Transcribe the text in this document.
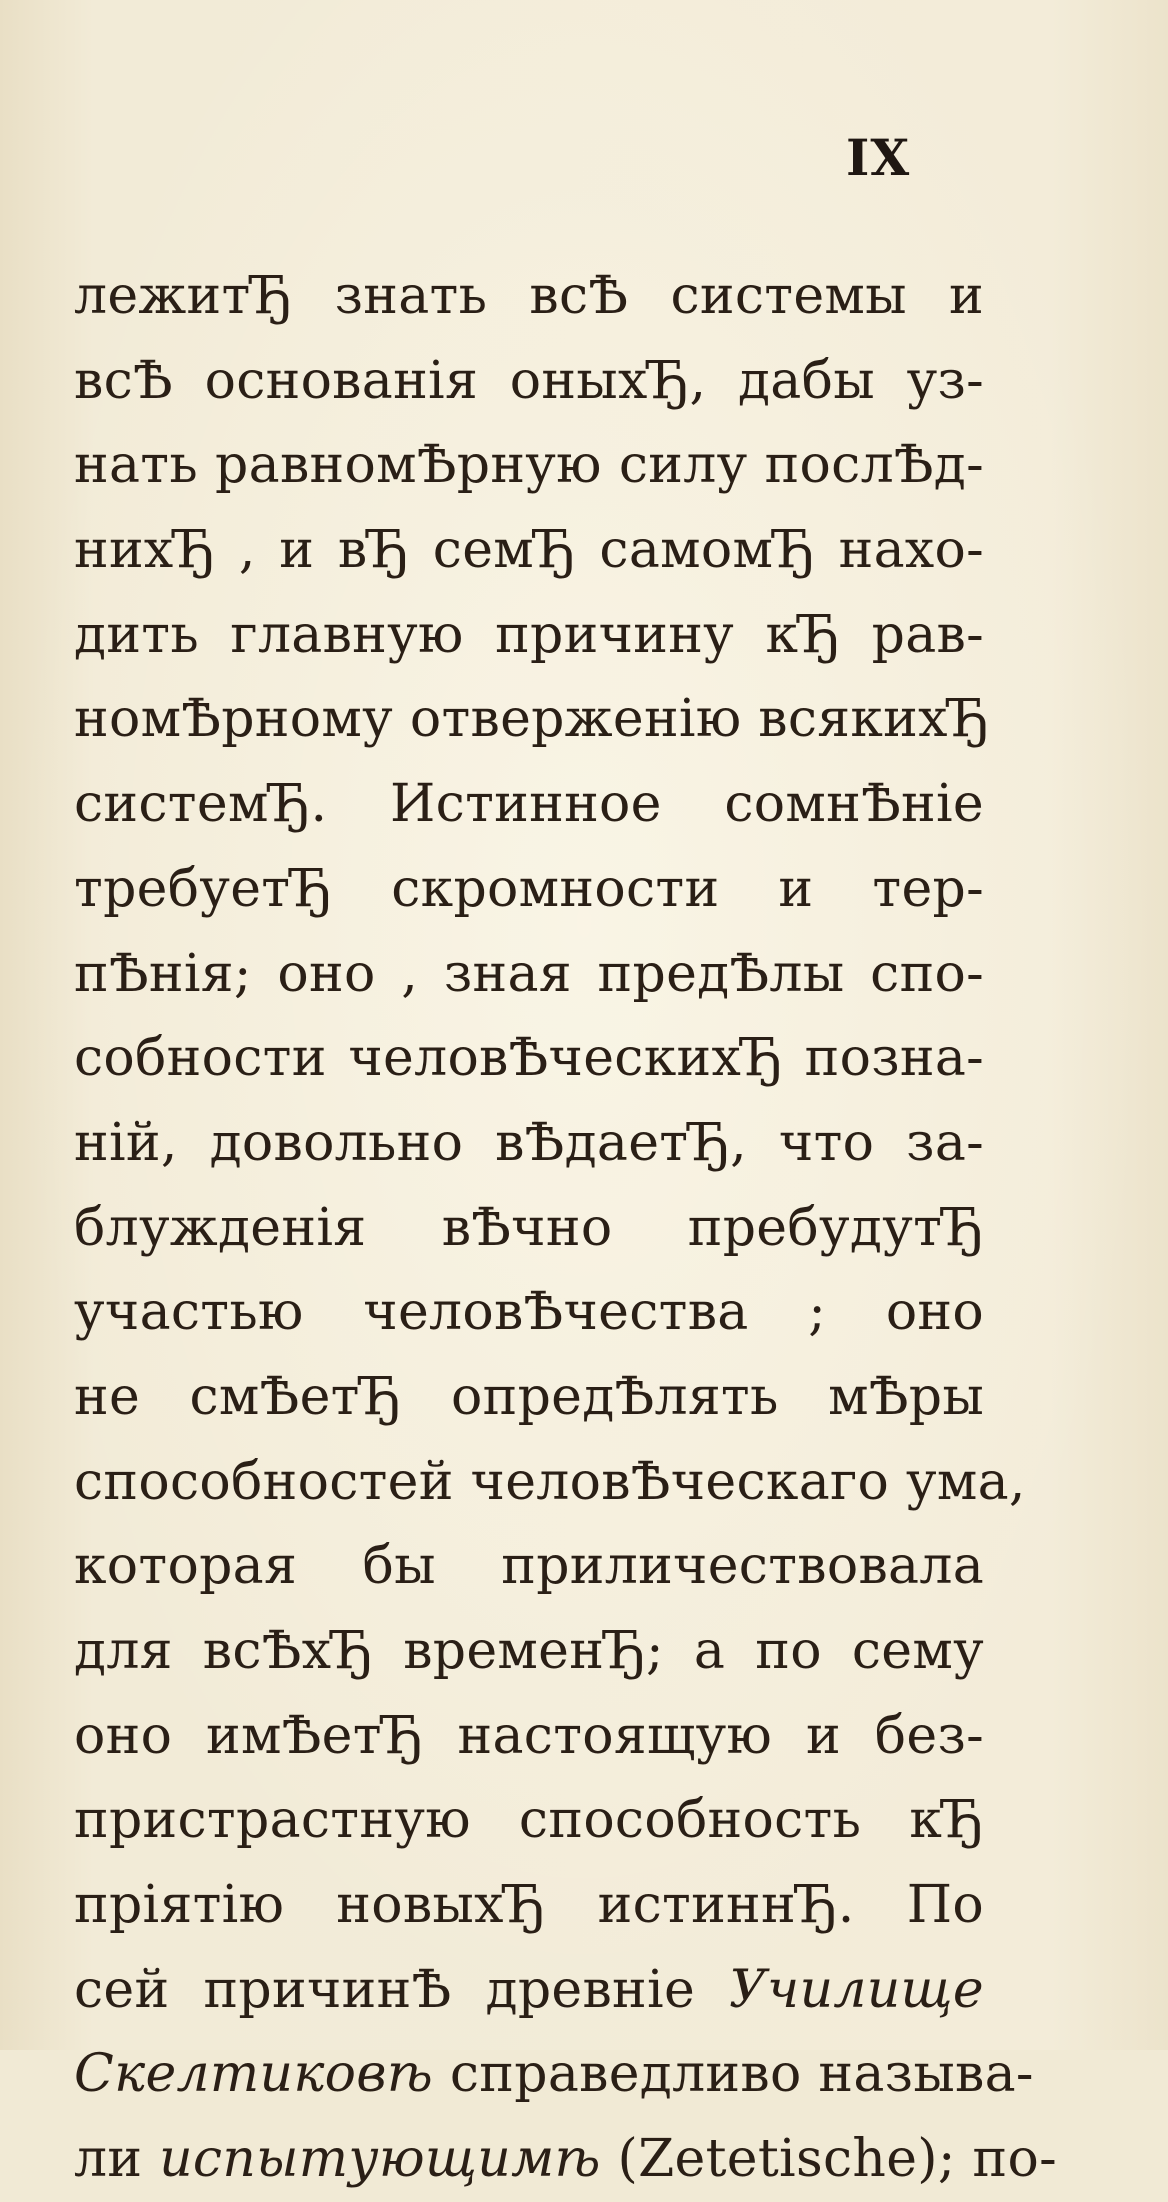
IX
лежитЂ знать всѢ системы и
всѢ основанія оныхЂ, дабы уз-
нать равномѢрную силу послѢд-
нихЂ , и вЂ семЂ самомЂ нахо-
дить главную причину кЂ рав-
номѢрному отверженію всякихЂ
системЂ. Истинное сомнѢніе
требуетЂ скромности и тер-
пѢнія; оно , зная предѢлы спо-
собности человѢческихЂ позна-
ній, довольно вѢдаетЂ, что за-
блужденія вѢчно пребудутЂ
участью человѢчества ; оно
не смѢетЂ опредѢлять мѢры
способностей человѢческаго ума,
которая бы приличествовала
для всѢхЂ временЂ; а по сему
оно имѢетЂ настоящую и без-
пристрастную способность кЂ
пріятію новыхЂ истиннЂ. По
сей причинѢ древніе Училище
Скелтиковѣ справедливо называ-
ли испытующимѣ (Zetetische); по-
